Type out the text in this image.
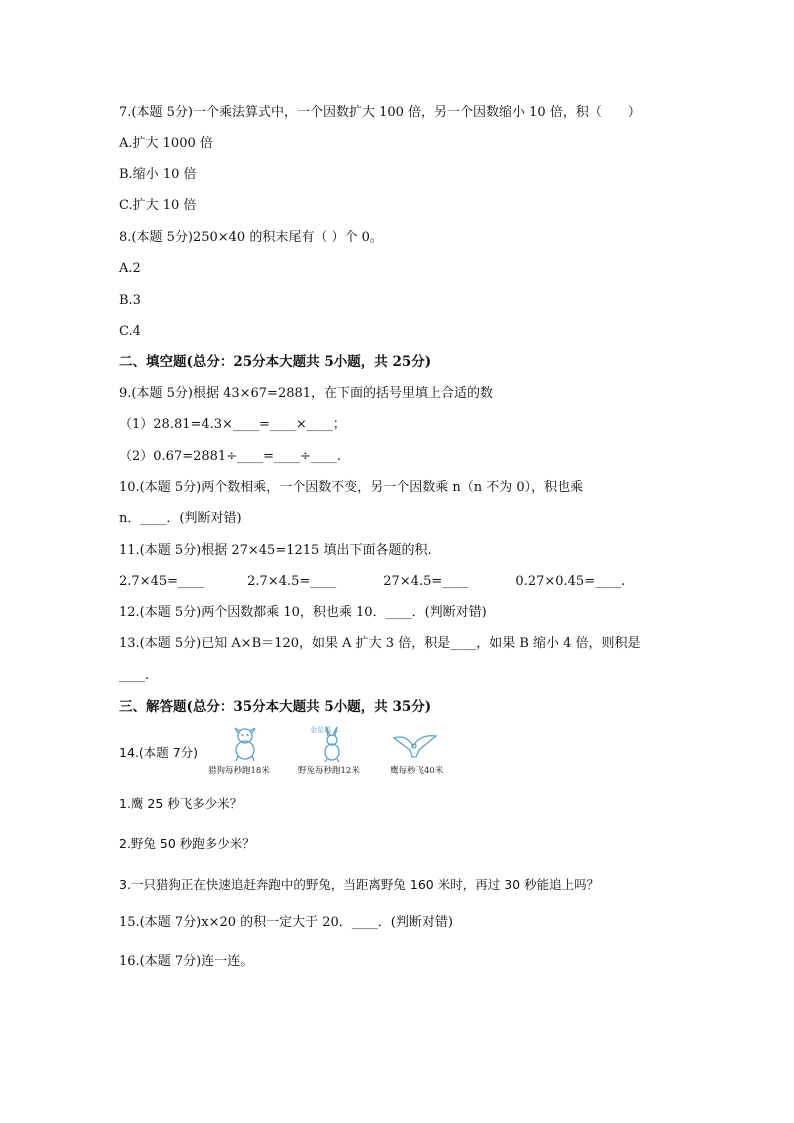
7.(本题 5分)一个乘法算式中，一个因数扩大 100 倍，另一个因数缩小 10 倍，积（　　）
A.扩大 1000 倍
B.缩小 10 倍
C.扩大 10 倍
8.(本题 5分)250×40 的积末尾有（ ）个 0。
A.2
B.3
C.4
二、填空题(总分：25分本大题共 5小题，共 25分)
9.(本题 5分)根据 43×67=2881，在下面的括号里填上合适的数
（1）28.81=4.3×____=____×____；
（2）0.67=2881÷____=____÷____.
10.(本题 5分)两个数相乘，一个因数不变，另一个因数乘 n（n 不为 0），积也乘
n．____．(判断对错)
11.(本题 5分)根据 27×45=1215 填出下面各题的积.
2.7×45=____	2.7×4.5=____	27×4.5=____	0.27×0.45=____.
12.(本题 5分)两个因数都乘 10，积也乘 10．____．(判断对错)
13.(本题 5分)已知 A×B＝120，如果 A 扩大 3 倍，积是____，如果 B 缩小 4 倍，则积是
____.
三、解答题(总分：35分本大题共 5小题，共 35分)
14.(本题 7分)
金星斑 …
猎狗每秒跑18米	野兔每秒跑12米	鹰每秒飞40米
1.鹰 25 秒飞多少米？
2.野兔 50 秒跑多少米？
3.一只猎狗正在快速追赶奔跑中的野兔，当距离野兔 160 米时，再过 30 秒能追上吗？
15.(本题 7分)x×20 的积一定大于 20．____．(判断对错)
16.(本题 7分)连一连。
